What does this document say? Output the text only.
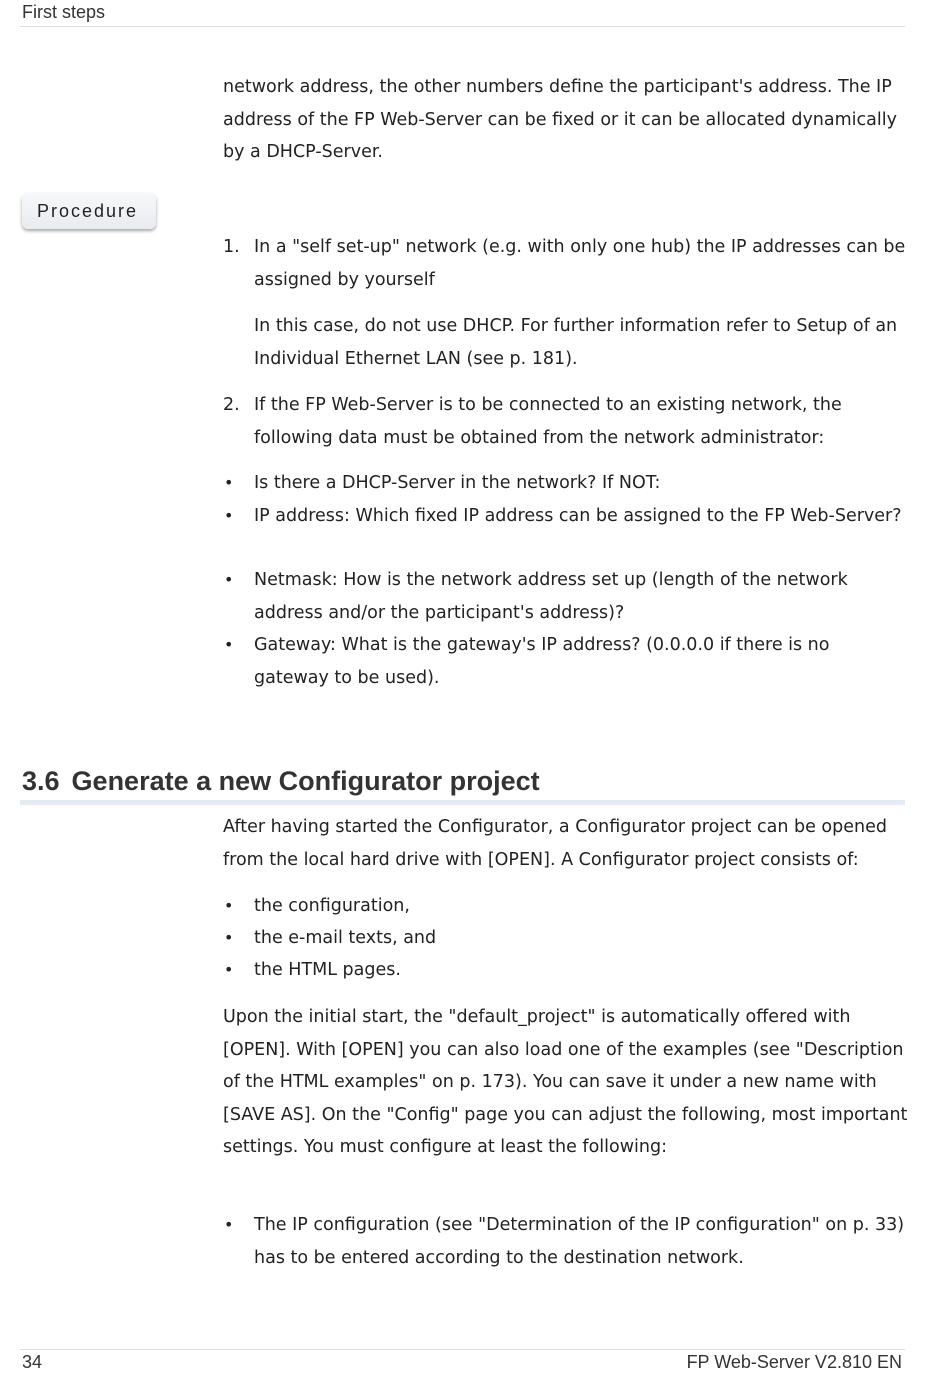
First steps
network address, the other numbers define the participant's address. The IP address of the FP Web-Server can be fixed or it can be allocated dynamically by a DHCP-Server.
Procedure
1. In a "self set-up" network (e.g. with only one hub) the IP addresses can be assigned by yourself
In this case, do not use DHCP. For further information refer to Setup of an Individual Ethernet LAN (see p. 181).
2. If the FP Web-Server is to be connected to an existing network, the following data must be obtained from the network administrator:
•	Is there a DHCP-Server in the network? If NOT:
•	IP address: Which fixed IP address can be assigned to the FP Web-Server?
•	Netmask: How is the network address set up (length of the network address and/or the participant's address)?
•	Gateway: What is the gateway's IP address? (0.0.0.0 if there is no gateway to be used).
3.6 Generate a new Configurator project
After having started the Configurator, a Configurator project can be opened from the local hard drive with [OPEN]. A Configurator project consists of:
•	the configuration,
•	the e-mail texts, and
•	the HTML pages.
Upon the initial start, the "default_project" is automatically offered with [OPEN]. With [OPEN] you can also load one of the examples (see "Description of the HTML examples" on p. 173). You can save it under a new name with [SAVE AS]. On the "Config" page you can adjust the following, most important settings. You must configure at least the following:
•	The IP configuration (see "Determination of the IP configuration" on p. 33) has to be entered according to the destination network.
34	FP Web-Server V2.810 EN
